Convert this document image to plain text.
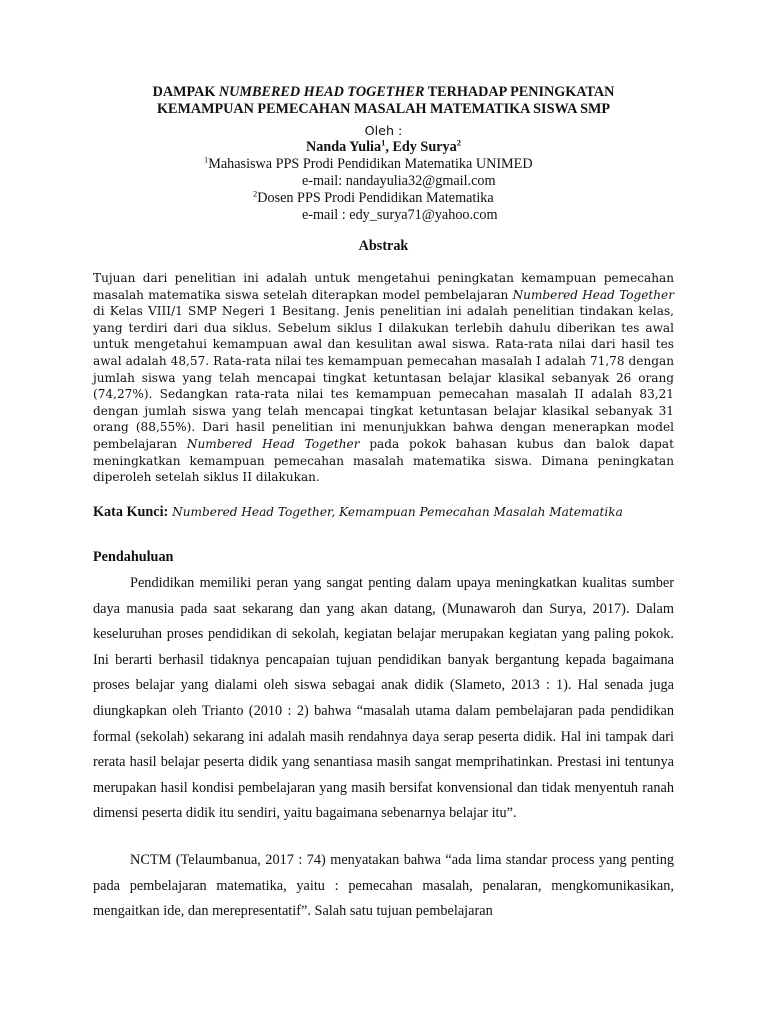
DAMPAK NUMBERED HEAD TOGETHER TERHADAP PENINGKATAN
KEMAMPUAN PEMECAHAN MASALAH MATEMATIKA SISWA SMP
Oleh :
Nanda Yulia$^1$, Edy Surya$^2$
$^1$Mahasiswa PPS Prodi Pendidikan Matematika UNIMED
e-mail: nandayulia32@gmail.com
$^2$Dosen PPS Prodi Pendidikan Matematika
e-mail : edy_surya71@yahoo.com
Abstrak

Tujuan dari penelitian ini adalah untuk mengetahui peningkatan kemampuan pemecahan masalah matematika siswa setelah diterapkan model pembelajaran Numbered Head Together di Kelas VIII/1 SMP Negeri 1 Besitang. Jenis penelitian ini adalah penelitian tindakan kelas, yang terdiri dari dua siklus. Sebelum siklus I dilakukan terlebih dahulu diberikan tes awal untuk mengetahui kemampuan awal dan kesulitan awal siswa. Rata-rata nilai dari hasil tes awal adalah 48,57. Rata-rata nilai tes kemampuan pemecahan masalah I adalah 71,78 dengan jumlah siswa yang telah mencapai tingkat ketuntasan belajar klasikal sebanyak 26 orang (74,27%). Sedangkan rata-rata nilai tes kemampuan pemecahan masalah II adalah 83,21 dengan jumlah siswa yang telah mencapai tingkat ketuntasan belajar klasikal sebanyak 31 orang (88,55%). Dari hasil penelitian ini menunjukkan bahwa dengan menerapkan model pembelajaran Numbered Head Together pada pokok bahasan kubus dan balok dapat meningkatkan kemampuan pemecahan masalah matematika siswa. Dimana peningkatan diperoleh setelah siklus II dilakukan.

Kata Kunci: Numbered Head Together, Kemampuan Pemecahan Masalah Matematika
Pendahuluan

Pendidikan memiliki peran yang sangat penting dalam upaya meningkatkan kualitas sumber daya manusia pada saat sekarang dan yang akan datang, (Munawaroh dan Surya, 2017). Dalam keseluruhan proses pendidikan di sekolah, kegiatan belajar merupakan kegiatan yang paling pokok. Ini berarti berhasil tidaknya pencapaian tujuan pendidikan banyak bergantung kepada bagaimana proses belajar yang dialami oleh siswa sebagai anak didik (Slameto, 2013 : 1). Hal senada juga diungkapkan oleh Trianto (2010 : 2) bahwa “masalah utama dalam pembelajaran pada pendidikan formal (sekolah) sekarang ini adalah masih rendahnya daya serap peserta didik. Hal ini tampak dari rerata hasil belajar peserta didik yang senantiasa masih sangat memprihatinkan. Prestasi ini tentunya merupakan hasil kondisi pembelajaran yang masih bersifat konvensional dan tidak menyentuh ranah dimensi peserta didik itu sendiri, yaitu bagaimana sebenarnya belajar itu”.

NCTM (Telaumbanua, 2017 : 74) menyatakan bahwa “ada lima standar process yang penting pada pembelajaran matematika, yaitu : pemecahan masalah, penalaran, mengkomunikasikan, mengaitkan ide, dan merepresentatif”. Salah satu tujuan pembelajaran
